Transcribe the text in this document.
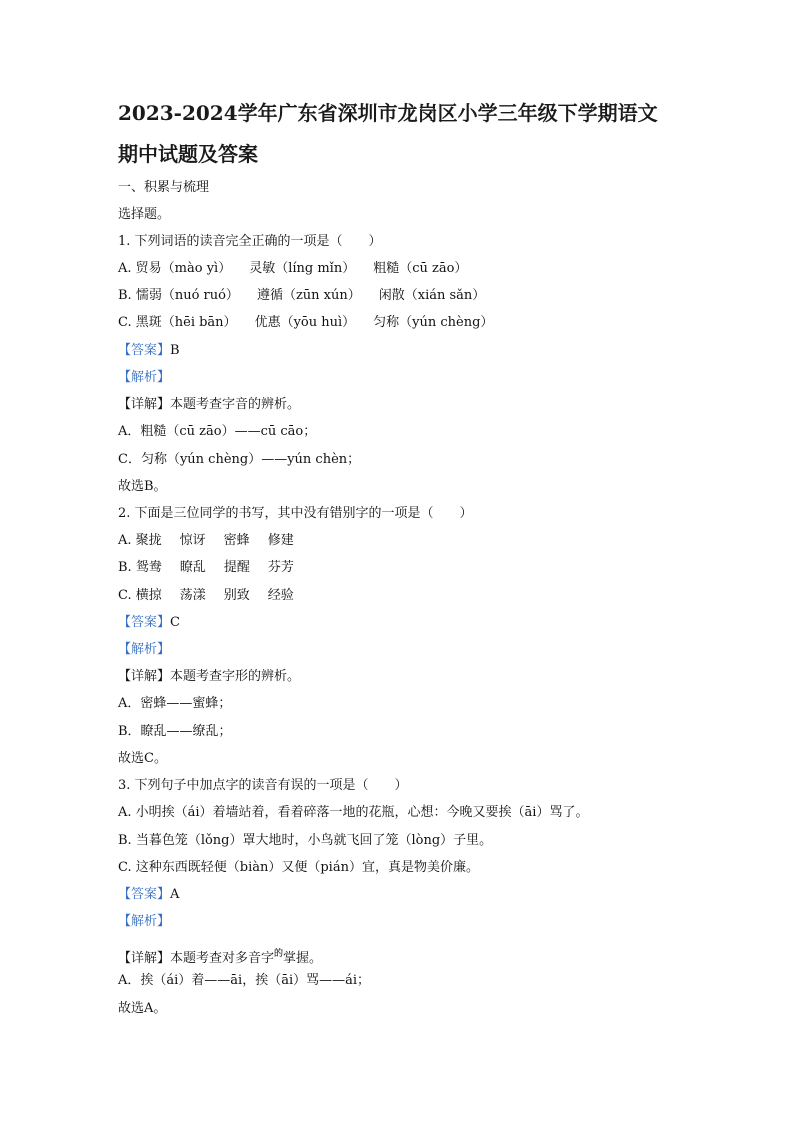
2023-2024学年广东省深圳市龙岗区小学三年级下学期语文
期中试题及答案
一、积累与梳理
选择题。
1. 下列词语的读音完全正确的一项是（　　）
A. 贸易（mào yì） 灵敏（líng mǐn） 粗糙（cū zāo）
B. 懦弱（nuó ruó） 遵循（zūn xún） 闲散（xián sǎn）
C. 黑斑（hēi bān） 优惠（yōu huì） 匀称（yún chèng）
【答案】B
【解析】
【详解】本题考查字音的辨析。
A．粗糙（cū zāo）——cū cāo；
C．匀称（yún chèng）——yún chèn；
故选B。
2. 下面是三位同学的书写，其中没有错别字的一项是（　　）
A. 聚拢 惊讶 密蜂 修建
B. 鸳鸯 瞭乱 提醒 芬芳
C. 横掠 荡漾 别致 经验
【答案】C
【解析】
【详解】本题考查字形的辨析。
A．密蜂——蜜蜂；
B．瞭乱——缭乱；
故选C。
3. 下列句子中加点字的读音有误的一项是（　　）
A. 小明挨（ái）着墙站着，看着碎落一地的花瓶，心想：今晚又要挨（āi）骂了。
B. 当暮色笼（lǒng）罩大地时，小鸟就飞回了笼（lòng）子里。
C. 这种东西既轻便（biàn）又便（pián）宜，真是物美价廉。
【答案】A
【解析】
【详解】本题考查对多音字$^的$掌握。
A．挨（ái）着——āi，挨（āi）骂——ái；
故选A。
